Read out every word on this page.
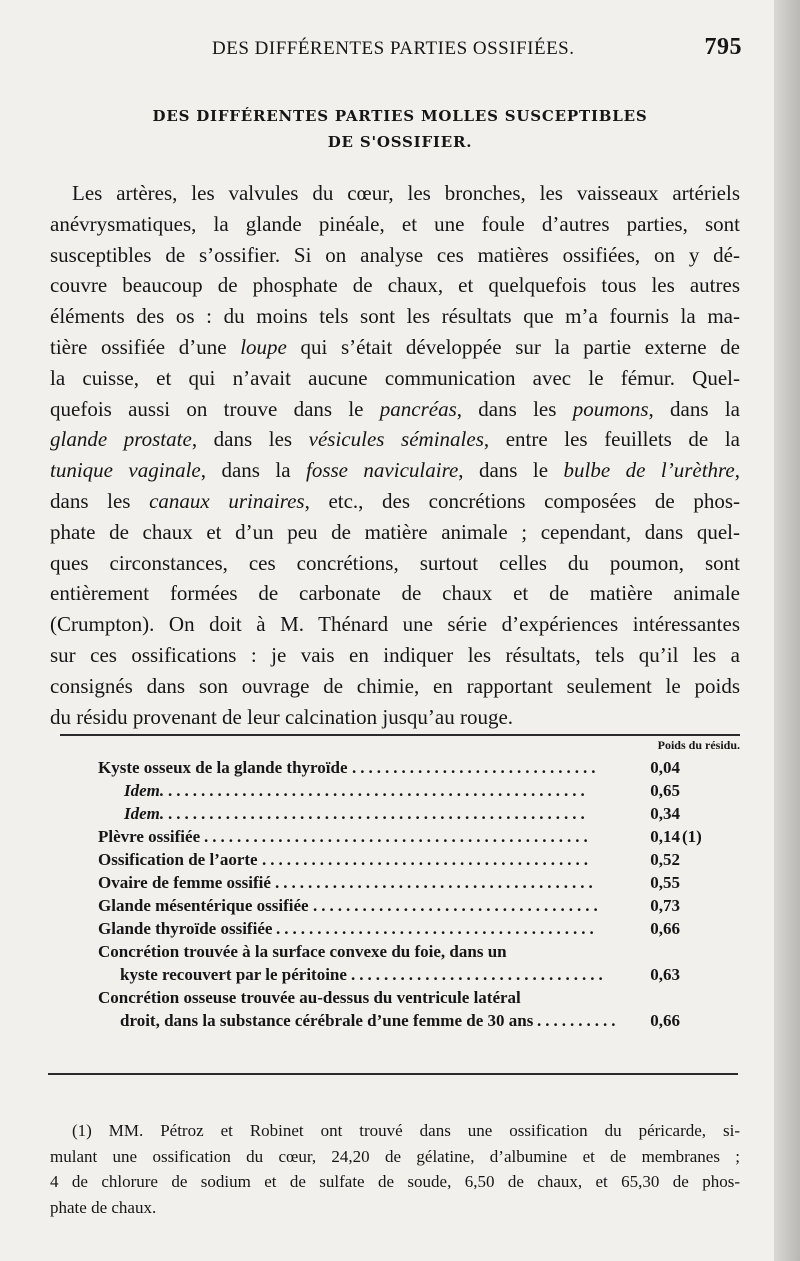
DES DIFFÉRENTES PARTIES OSSIFIÉES.	795
DES DIFFÉRENTES PARTIES MOLLES SUSCEPTIBLES
DE S'OSSIFIER.
Les artères, les valvules du cœur, les bronches, les vaisseaux artériels
anévrysmatiques, la glande pinéale, et une foule d’autres parties, sont
susceptibles de s’ossifier. Si on analyse ces matières ossifiées, on y dé-
couvre beaucoup de phosphate de chaux, et quelquefois tous les autres
éléments des os : du moins tels sont les résultats que m’a fournis la ma-
tière ossifiée d’une loupe qui s’était développée sur la partie externe de
la cuisse, et qui n’avait aucune communication avec le fémur. Quel-
quefois aussi on trouve dans le pancréas, dans les poumons, dans la
glande prostate, dans les vésicules séminales, entre les feuillets de la
tunique vaginale, dans la fosse naviculaire, dans le bulbe de l’urèthre,
dans les canaux urinaires, etc., des concrétions composées de phos-
phate de chaux et d’un peu de matière animale ; cependant, dans quel-
ques circonstances, ces concrétions, surtout celles du poumon, sont
entièrement formées de carbonate de chaux et de matière animale
(Crumpton). On doit à M. Thénard une série d’expériences intéressantes
sur ces ossifications : je vais en indiquer les résultats, tels qu’il les a
consignés dans son ouvrage de chimie, en rapportant seulement le poids
du résidu provenant de leur calcination jusqu’au rouge.
Poids du résidu.
Kyste osseux de la glande thyroïde ..............................	0,04
Idem. ...................................................	0,65
Idem. ...................................................	0,34
Plèvre ossifiée ...............................................	0,14 (1)
Ossification de l’aorte ........................................	0,52
Ovaire de femme ossifié .......................................	0,55
Glande mésentérique ossifiée ...................................	0,73
Glande thyroïde ossifiée .......................................	0,66
Concrétion trouvée à la surface convexe du foie, dans un
kyste recouvert par le péritoine ...............................	0,63
Concrétion osseuse trouvée au-dessus du ventricule latéral
droit, dans la substance cérébrale d’une femme de 30 ans ..........	0,66
(1) MM. Pétroz et Robinet ont trouvé dans une ossification du péricarde, si-
mulant une ossification du cœur, 24,20 de gélatine, d’albumine et de membranes ;
4 de chlorure de sodium et de sulfate de soude, 6,50 de chaux, et 65,30 de phos-
phate de chaux.
